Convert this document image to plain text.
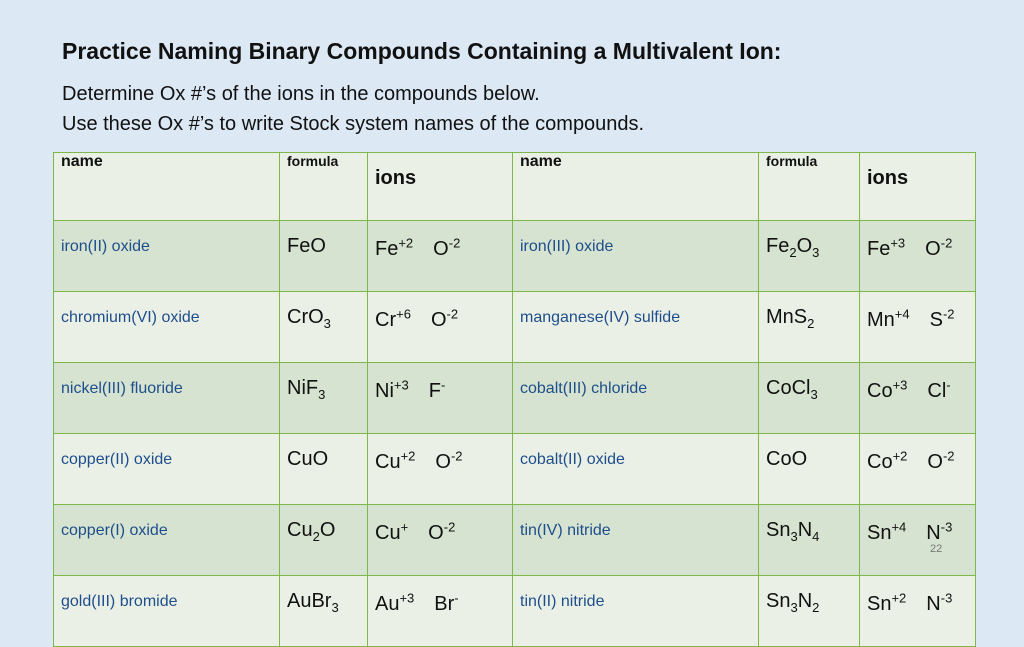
Practice Naming Binary Compounds Containing a Multivalent Ion:

Determine Ox #’s of the ions in the compounds below.

Use these Ox #’s to write Stock system names of the compounds.

name	formula	ions	name	formula	ions
iron(II) oxide	FeO	$Fe^{+2}$ $O^{-2}$	iron(III) oxide	$Fe_2O_3$	$Fe^{+3}$ $O^{-2}$
chromium(VI) oxide	CrO$_3$	$Cr^{+6}$ $O^{-2}$	manganese(IV) sulfide	MnS$_2$	$Mn^{+4}$ $S^{-2}$
nickel(III) fluoride	NiF$_3$	$Ni^{+3}$ F-	cobalt(III) chloride	CoCl$_3$	$Co^{+3}$ Cl-
copper(II) oxide	CuO	$Cu^{+2}$ $O^{-2}$	cobalt(II) oxide	CoO	$Co^{+2}$ $O^{-2}$
copper(I) oxide	$Cu_2O$	Cu+ $O^{-2}$	tin(IV) nitride	$Sn_3N_4$	$Sn^{+4}$ $N^{-3}$
gold(III) bromide	AuBr$_3$	$Au^{+3}$ Br-	tin(II) nitride	$Sn_3N_2$	$Sn^{+2}$ $N^{-3}$
22
